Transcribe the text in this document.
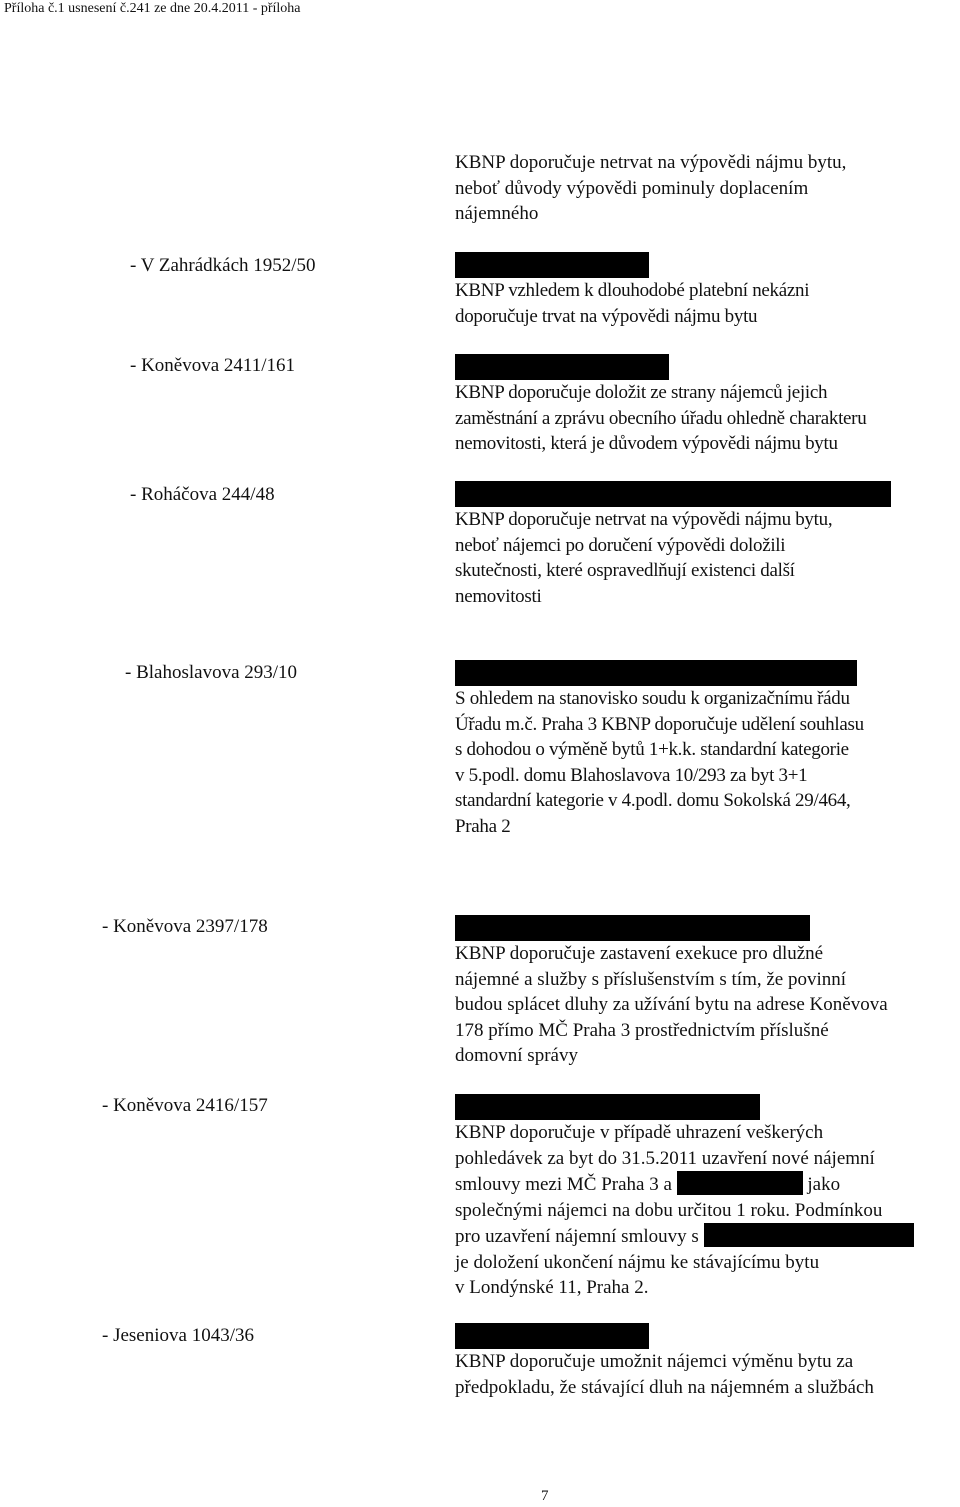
Příloha č.1 usnesení č.241 ze dne 20.4.2011 - příloha
- V Zahrádkách 1952/50
KBNP doporučuje netrvat na výpovědi nájmu bytu,
neboť důvody výpovědi pominuly doplacením
nájemného
- Koněvova 2411/161
KBNP vzhledem k dlouhodobé platební nekázni
doporučuje trvat na výpovědi nájmu bytu
- Roháčova 244/48
KBNP doporučuje doložit ze strany nájemců jejich
zaměstnání a zprávu obecního úřadu ohledně charakteru
nemovitosti, která je důvodem výpovědi nájmu bytu
KBNP doporučuje netrvat na výpovědi nájmu bytu,
neboť nájemci po doručení výpovědi doložili
skutečnosti, které ospravedlňují existenci další
nemovitosti
- Blahoslavova 293/10
S ohledem na stanovisko soudu k organizačnímu řádu
Úřadu m.č. Praha 3 KBNP doporučuje udělení souhlasu
s dohodou o výměně bytů 1+k.k. standardní kategorie
v 5.podl. domu Blahoslavova 10/293 za byt 3+1
standardní kategorie v 4.podl. domu Sokolská 29/464,
Praha 2
- Koněvova 2397/178
KBNP doporučuje zastavení exekuce pro dlužné
nájemné a služby s příslušenstvím s tím, že povinní
budou splácet dluhy za užívání bytu na adrese Koněvova
178 přímo MČ Praha 3 prostřednictvím příslušné
domovní správy
- Koněvova 2416/157
KBNP doporučuje v případě uhrazení veškerých
pohledávek za byt do 31.5.2011 uzavření nové nájemní
smlouvy mezi MČ Praha 3 a	jako
společnými nájemci na dobu určitou 1 roku. Podmínkou
pro uzavření nájemní smlouvy s
je doložení ukončení nájmu ke stávajícímu bytu
v Londýnské 11, Praha 2.
- Jeseniova 1043/36
KBNP doporučuje umožnit nájemci výměnu bytu za
předpokladu, že stávající dluh na nájemném a službách
7
